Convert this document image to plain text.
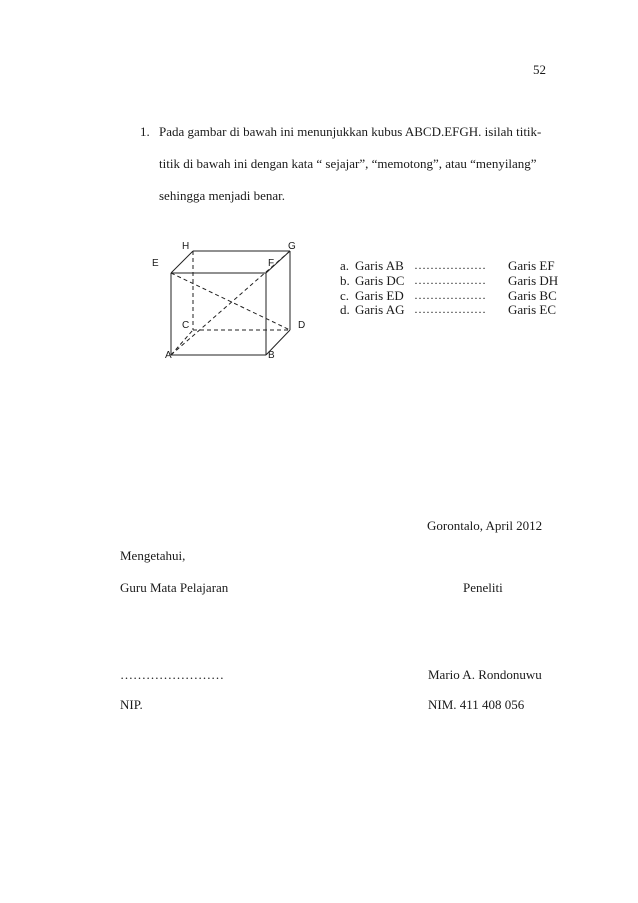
52
1. Pada gambar di bawah ini menunjukkan kubus ABCD.EFGH. isilah titik-
titik di bawah ini dengan kata “ sejajar”, “memotong”, atau “menyilang”
sehingga menjadi benar.
H	G
E	F
D
C
A	B
a. Garis AB ……………… Garis EF
b. Garis DC ……………… Garis DH
c. Garis ED ……………… Garis BC
d. Garis AG ……………… Garis EC
Gorontalo, April 2012
Mengetahui,
Guru Mata Pelajaran	Peneliti
……………………	Mario A. Rondonuwu
NIP.	NIM. 411 408 056
